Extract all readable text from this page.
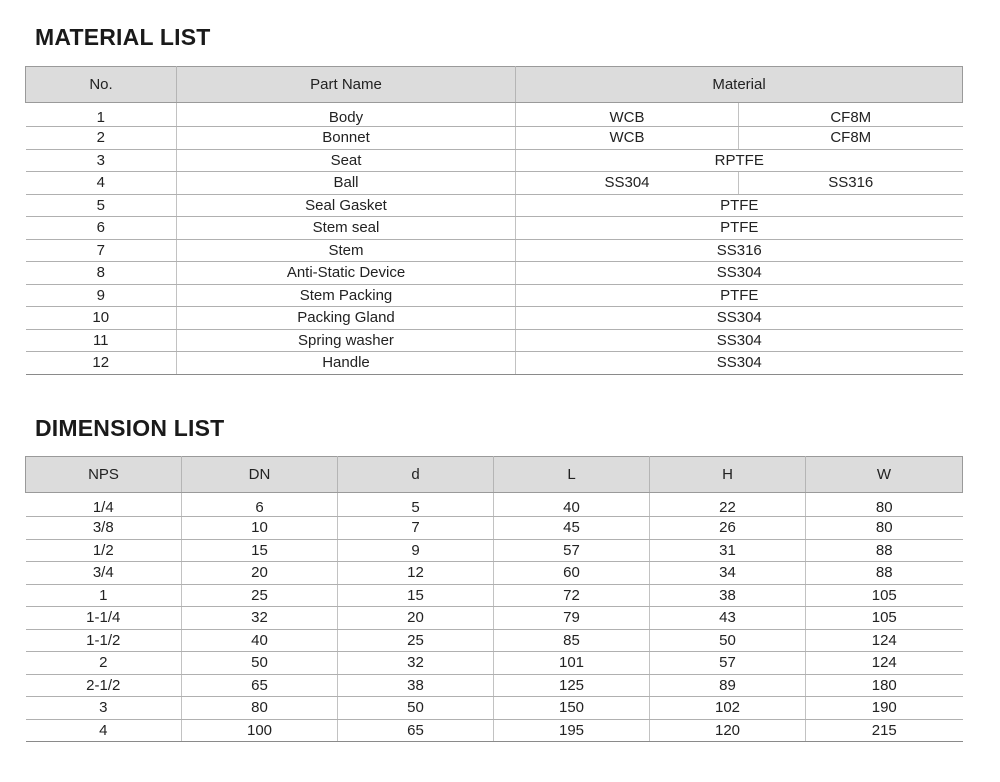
MATERIAL LIST
No.	Part Name	Material	
1	Body	WCB	CF8M
2	Bonnet	WCB	CF8M
3	Seat	RPTFE	
4	Ball	SS304	SS316
5	Seal Gasket	PTFE	
6	Stem seal	PTFE	
7	Stem	SS316	
8	Anti-Static Device	SS304	
9	Stem Packing	PTFE	
10	Packing Gland	SS304	
11	Spring washer	SS304	
12	Handle	SS304	
DIMENSION LIST
NPS	DN	d	L	H	W
1/4	6	5	40	22	80
3/8	10	7	45	26	80
1/2	15	9	57	31	88
3/4	20	12	60	34	88
1	25	15	72	38	105
1-1/4	32	20	79	43	105
1-1/2	40	25	85	50	124
2	50	32	101	57	124
2-1/2	65	38	125	89	180
3	80	50	150	102	190
4	100	65	195	120	215
